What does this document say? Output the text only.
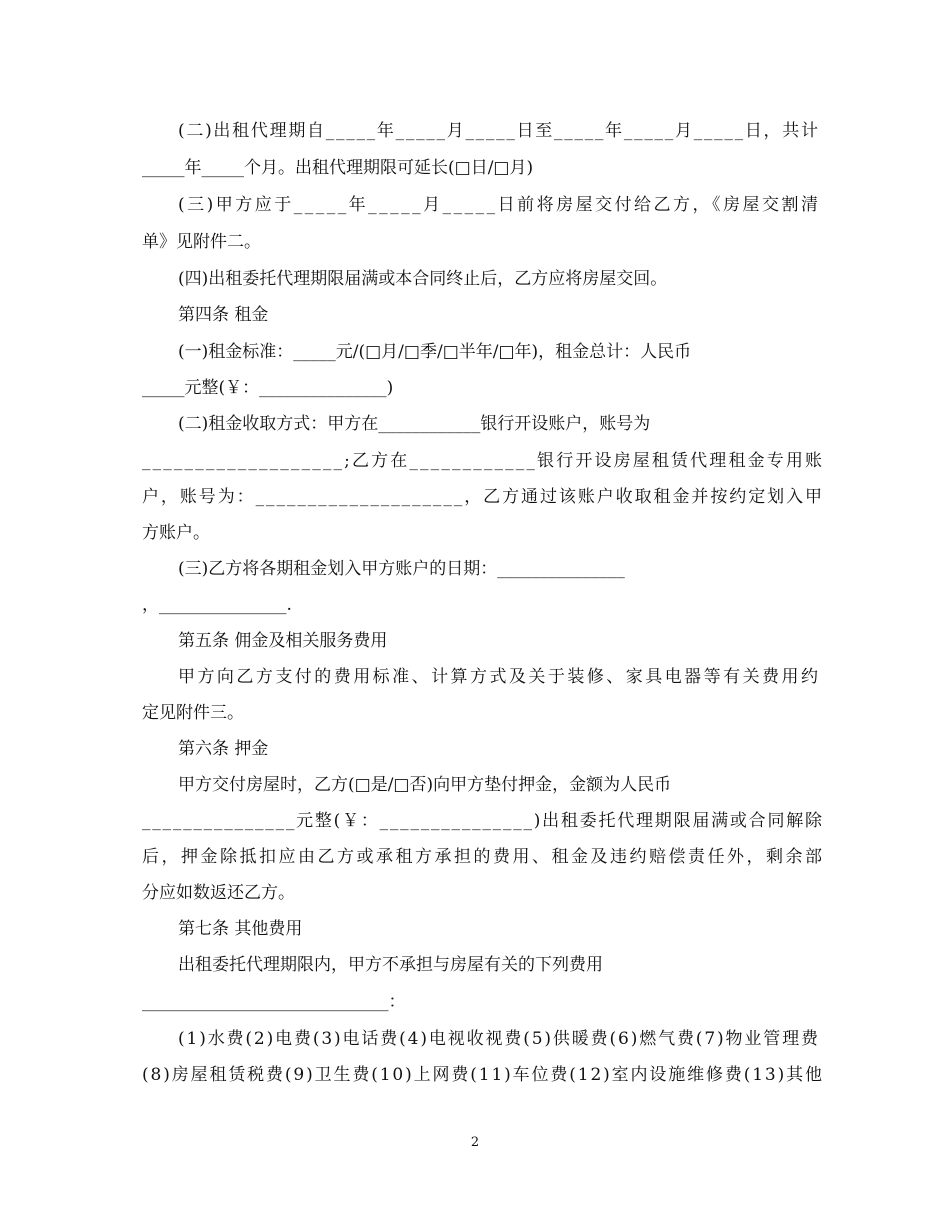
(二)出租代理期自_____年_____月_____日至_____年_____月_____日，共计
_____年_____个月。出租代理期限可延长(□日/□月)
(三)甲方应于_____年_____月_____日前将房屋交付给乙方，《房屋交割清
单》见附件二。
(四)出租委托代理期限届满或本合同终止后，乙方应将房屋交回。
第四条 租金
(一)租金标准：_____元/(□月/□季/□半年/□年)，租金总计：人民币
_____元整(￥：_______________)
(二)租金收取方式：甲方在____________银行开设账户，账号为
___________________;乙方在____________银行开设房屋租赁代理租金专用账
户，账号为：____________________，乙方通过该账户收取租金并按约定划入甲
方账户。
(三)乙方将各期租金划入甲方账户的日期：_______________
，_______________.
第五条 佣金及相关服务费用
甲方向乙方支付的费用标准、计算方式及关于装修、家具电器等有关费用约
定见附件三。
第六条 押金
甲方交付房屋时，乙方(□是/□否)向甲方垫付押金，金额为人民币
_______________元整(￥：_______________)出租委托代理期限届满或合同解除
后，押金除抵扣应由乙方或承租方承担的费用、租金及违约赔偿责任外，剩余部
分应如数返还乙方。
第七条 其他费用
出租委托代理期限内，甲方不承担与房屋有关的下列费用
_____________________________：
(1)水费(2)电费(3)电话费(4)电视收视费(5)供暖费(6)燃气费(7)物业管理费
(8)房屋租赁税费(9)卫生费(10)上网费(11)车位费(12)室内设施维修费(13)其他
2
